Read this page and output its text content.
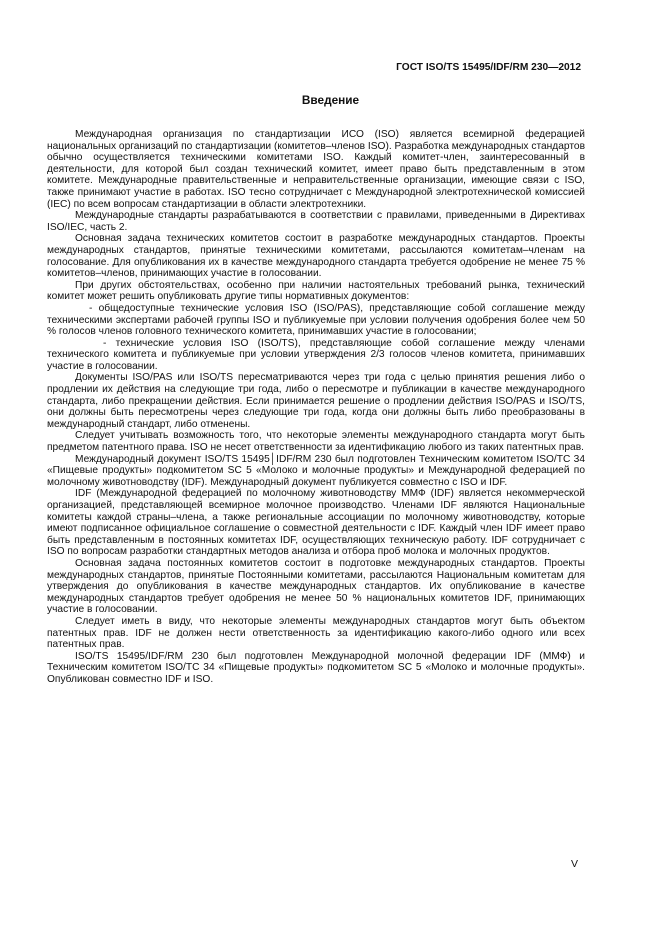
ГОСТ ISO/TS 15495/IDF/RM 230—2012
Введение

Международная организация по стандартизации ИСО (ISO) является всемирной федерацией национальных организаций по стандартизации (комитетов–членов ISO). Разработка международных стандартов обычно осуществляется техническими комитетами ISO. Каждый комитет-член, заинтересованный в деятельности, для которой был создан технический комитет, имеет право быть представленным в этом комитете. Международные правительственные и неправительственные организации, имеющие связи с ISO, также принимают участие в работах. ISO тесно сотрудничает с Международной электротехнической комиссией (IEC) по всем вопросам стандартизации в области электротехники.

Международные стандарты разрабатываются в соответствии с правилами, приведенными в Директивах ISO/IEC, часть 2.

Основная задача технических комитетов состоит в разработке международных стандартов. Проекты международных стандартов, принятые техническими комитетами, рассылаются комитетам–членам на голосование. Для опубликования их в качестве международного стандарта требуется одобрение не менее 75 % комитетов–членов, принимающих участие в голосовании.

При других обстоятельствах, особенно при наличии настоятельных требований рынка, технический комитет может решить опубликовать другие типы нормативных документов:

- общедоступные технические условия ISO (ISO/PAS), представляющие собой соглашение между техническими экспертами рабочей группы ISO и публикуемые при условии получения одобрения более чем 50 % голосов членов головного технического комитета, принимавших участие в голосовании;

- технические условия ISO (ISO/TS), представляющие собой соглашение между членами технического комитета и публикуемые при условии утверждения 2/3 голосов членов комитета, принимавших участие в голосовании.

Документы ISO/PAS или ISO/TS пересматриваются через три года с целью принятия решения либо о продлении их действия на следующие три года, либо о пересмотре и публикации в качестве международного стандарта, либо прекращении действия. Если принимается решение о продлении действия ISO/PAS и ISO/TS, они должны быть пересмотрены через следующие три года, когда они должны быть либо преобразованы в международный стандарт, либо отменены.

Следует учитывать возможность того, что некоторые элементы международного стандарта могут быть предметом патентного права. ISO не несет ответственности за идентификацию любого из таких патентных прав.

Международный документ ISO/TS 15495│IDF/RM 230 был подготовлен Техническим комитетом ISO/TC 34 «Пищевые продукты» подкомитетом SC 5 «Молоко и молочные продукты» и Международной федерацией по молочному животноводству (IDF). Международный документ публикуется совместно с ISO и IDF.

IDF (Международной федерацией по молочному животноводству ММФ (IDF) является некоммерческой организацией, представляющей всемирное молочное производство. Членами IDF являются Национальные комитеты каждой страны–члена, а также региональные ассоциации по молочному животноводству, которые имеют подписанное официальное соглашение о совместной деятельности с IDF. Каждый член IDF имеет право быть представленным в постоянных комитетах IDF, осуществляющих техническую работу. IDF сотрудничает с ISO по вопросам разработки стандартных методов анализа и отбора проб молока и молочных продуктов.

Основная задача постоянных комитетов состоит в подготовке международных стандартов. Проекты международных стандартов, принятые Постоянными комитетами, рассылаются Национальным комитетам для утверждения до опубликования в качестве международных стандартов. Их опубликование в качестве международных стандартов требует одобрения не менее 50 % национальных комитетов IDF, принимающих участие в голосовании.

Следует иметь в виду, что некоторые элементы международных стандартов могут быть объектом патентных прав. IDF не должен нести ответственность за идентификацию какого-либо одного или всех патентных прав.

ISO/TS 15495/IDF/RM 230 был подготовлен Международной молочной федерации IDF (ММФ) и Техническим комитетом ISO/TC 34 «Пищевые продукты» подкомитетом SC 5 «Молоко и молочные продукты». Опубликован совместно IDF и ISO.

V
